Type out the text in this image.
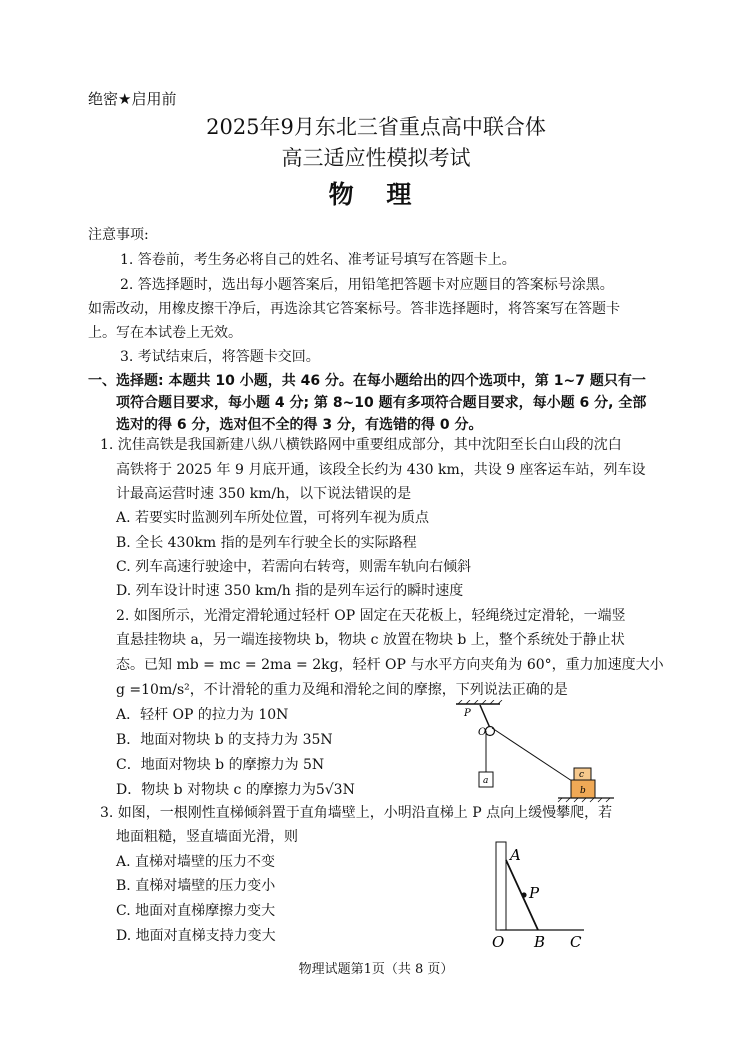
绝密★启用前
2025年9月东北三省重点高中联合体
高三适应性模拟考试
物 理
注意事项:
1. 答卷前，考生务必将自己的姓名、准考证号填写在答题卡上。
2. 答选择题时，选出每小题答案后，用铅笔把答题卡对应题目的答案标号涂黑。
如需改动，用橡皮擦干净后，再选涂其它答案标号。答非选择题时，将答案写在答题卡
上。写在本试卷上无效。
3. 考试结束后，将答题卡交回。
一、选择题: 本题共 10 小题，共 46 分。在每小题给出的四个选项中，第 1~7 题只有一
项符合题目要求，每小题 4 分; 第 8~10 题有多项符合题目要求，每小题 6 分, 全部
选对的得 6 分，选对但不全的得 3 分，有选错的得 0 分。
1. 沈佳高铁是我国新建八纵八横铁路网中重要组成部分，其中沈阳至长白山段的沈白
高铁将于 2025 年 9 月底开通，该段全长约为 430 km，共设 9 座客运车站，列车设
计最高运营时速 350 km/h，以下说法错误的是
A. 若要实时监测列车所处位置，可将列车视为质点
B. 全长 430km 指的是列车行驶全长的实际路程
C. 列车高速行驶途中，若需向右转弯，则需车轨向右倾斜
D. 列车设计时速 350 km/h 指的是列车运行的瞬时速度
2. 如图所示，光滑定滑轮通过轻杆 OP 固定在天花板上，轻绳绕过定滑轮，一端竖
直悬挂物块 a，另一端连接物块 b，物块 c 放置在物块 b 上，整个系统处于静止状
态。已知 mb = mc = 2ma = 2kg，轻杆 OP 与水平方向夹角为 60°，重力加速度大小
g =10m/s²，不计滑轮的重力及绳和滑轮之间的摩擦，下列说法正确的是
A．轻杆 OP 的拉力为 10N
B．地面对物块 b 的支持力为 35N
C．地面对物块 b 的摩擦力为 5N
D．物块 b 对物块 c 的摩擦力为5√3N
P
O
a
b
c
3. 如图，一根刚性直梯倾斜置于直角墙壁上，小明沿直梯上 P 点向上缓慢攀爬，若
地面粗糙，竖直墙面光滑，则
A. 直梯对墙壁的压力不变
B. 直梯对墙壁的压力变小
C. 地面对直梯摩擦力变大
D. 地面对直梯支持力变大
A
P
O B C
物理试题第1页（共 8 页）
